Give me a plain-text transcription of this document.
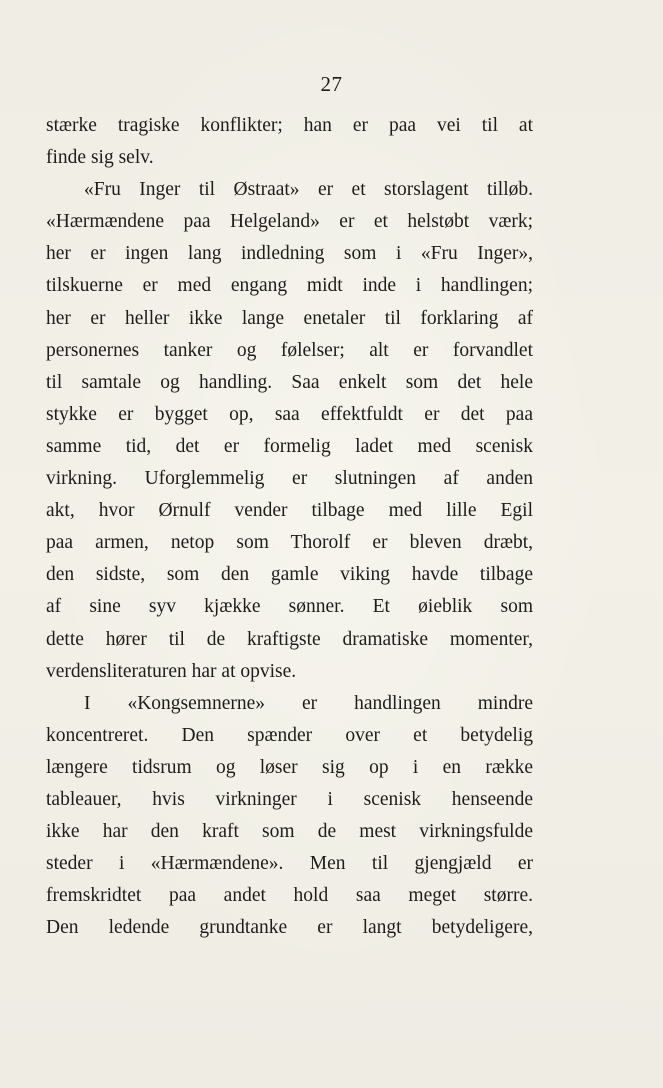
27
stærke tragiske konflikter; han er paa vei til at
finde sig selv.
«Fru Inger til Østraat» er et storslagent tilløb.
«Hærmændene paa Helgeland» er et helstøbt værk;
her er ingen lang indledning som i «Fru Inger»,
tilskuerne er med engang midt inde i handlingen;
her er heller ikke lange enetaler til forklaring af
personernes tanker og følelser; alt er forvandlet
til samtale og handling. Saa enkelt som det hele
stykke er bygget op, saa effektfuldt er det paa
samme tid, det er formelig ladet med scenisk
virkning. Uforglemmelig er slutningen af anden
akt, hvor Ørnulf vender tilbage med lille Egil
paa armen, netop som Thorolf er bleven dræbt,
den sidste, som den gamle viking havde tilbage
af sine syv kjække sønner. Et øieblik som
dette hører til de kraftigste dramatiske momenter,
verdensliteraturen har at opvise.
I «Kongsemnerne» er handlingen mindre
koncentreret. Den spænder over et betydelig
længere tidsrum og løser sig op i en række
tableauer, hvis virkninger i scenisk henseende
ikke har den kraft som de mest virkningsfulde
steder i «Hærmændene». Men til gjengjæld er
fremskridtet paa andet hold saa meget større.
Den ledende grundtanke er langt betydeligere,
